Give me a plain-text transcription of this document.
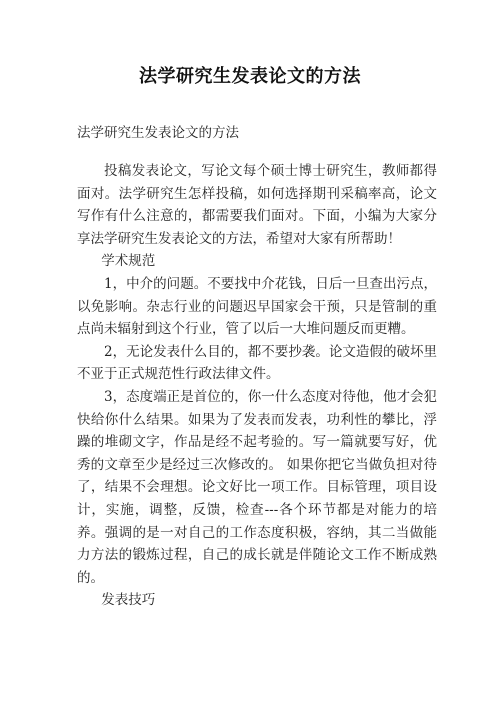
法学研究生发表论文的方法

法学研究生发表论文的方法

投稿发表论文，写论文每个硕士博士研究生，教师都得面对。法学研究生怎样投稿，如何选择期刊采稿率高，论文写作有什么注意的，都需要我们面对。下面，小编为大家分享法学研究生发表论文的方法，希望对大家有所帮助！

学术规范

1，中介的问题。不要找中介花钱，日后一旦查出污点，以免影响。杂志行业的问题迟早国家会干预，只是管制的重点尚未辐射到这个行业，管了以后一大堆问题反而更糟。

2，无论发表什么目的，都不要抄袭。论文造假的破坏里不亚于正式规范性行政法律文件。

3，态度端正是首位的，你一什么态度对待他，他才会犯快给你什么结果。如果为了发表而发表，功利性的攀比，浮躁的堆砌文字，作品是经不起考验的。写一篇就要写好，优秀的文章至少是经过三次修改的。 如果你把它当做负担对待了，结果不会理想。论文好比一项工作。目标管理，项目设计，实施，调整，反馈，检查---各个环节都是对能力的培养。强调的是一对自己的工作态度积极，容纳，其二当做能力方法的锻炼过程，自己的成长就是伴随论文工作不断成熟的。

发表技巧
